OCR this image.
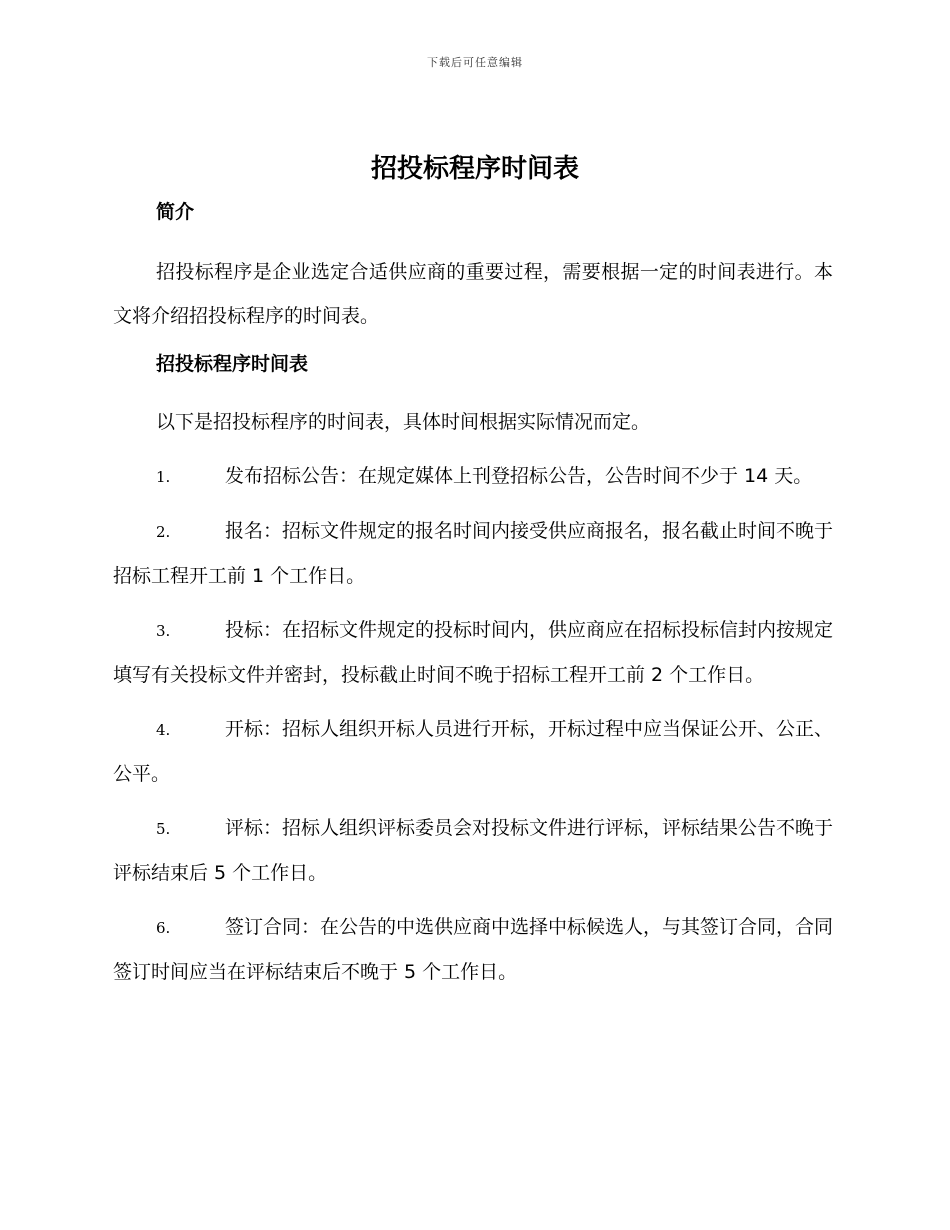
下载后可任意编辑
招投标程序时间表

简介

招投标程序是企业选定合适供应商的重要过程，需要根据一定的时间表进行。本文将介绍招投标程序的时间表。

招投标程序时间表

以下是招投标程序的时间表，具体时间根据实际情况而定。

1.	发布招标公告：在规定媒体上刊登招标公告，公告时间不少于 14 天。

2.	报名：招标文件规定的报名时间内接受供应商报名，报名截止时间不晚于招标工程开工前 1 个工作日。

3.	投标：在招标文件规定的投标时间内，供应商应在招标投标信封内按规定填写有关投标文件并密封，投标截止时间不晚于招标工程开工前 2 个工作日。

4.	开标：招标人组织开标人员进行开标，开标过程中应当保证公开、公正、公平。

5.	评标：招标人组织评标委员会对投标文件进行评标，评标结果公告不晚于评标结束后 5 个工作日。

6.	签订合同：在公告的中选供应商中选择中标候选人，与其签订合同，合同签订时间应当在评标结束后不晚于 5 个工作日。
